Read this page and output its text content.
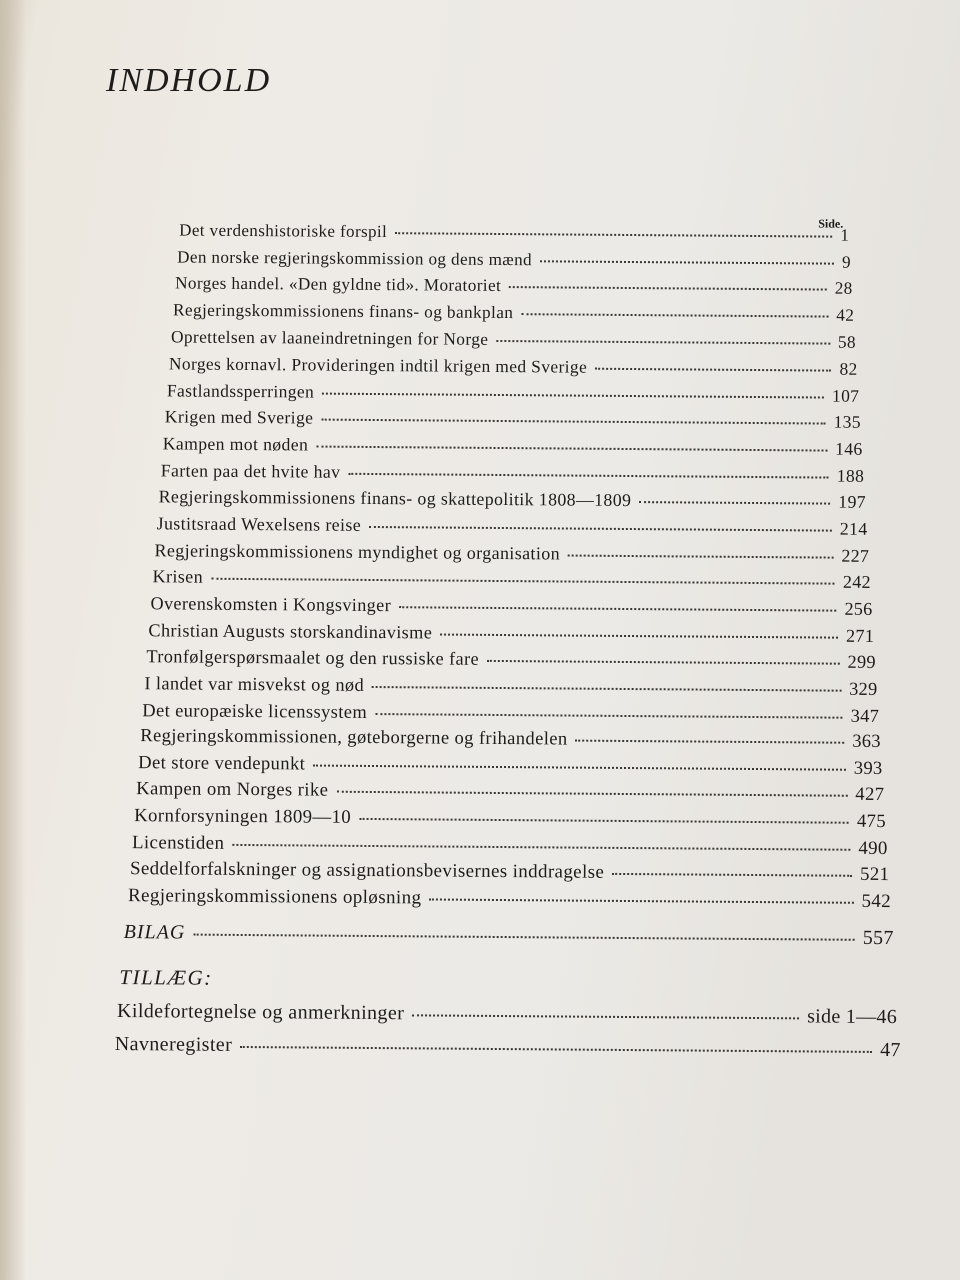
INDHOLD
Side.
Det verdenshistoriske forspil	1
Den norske regjeringskommission og dens mænd	9
Norges handel. «Den gyldne tid». Moratoriet	28
Regjeringskommissionens finans- og bankplan	42
Oprettelsen av laaneindretningen for Norge	58
Norges kornavl. Provideringen indtil krigen med Sverige	82
Fastlandssperringen	107
Krigen med Sverige	135
Kampen mot nøden	146
Farten paa det hvite hav	188
Regjeringskommissionens finans- og skattepolitik 1808—1809	197
Justitsraad Wexelsens reise	214
Regjeringskommissionens myndighet og organisation	227
Krisen	242
Overenskomsten i Kongsvinger	256
Christian Augusts storskandinavisme	271
Tronfølgerspørsmaalet og den russiske fare	299
I landet var misvekst og nød	329
Det europæiske licenssystem	347
Regjeringskommissionen, gøteborgerne og frihandelen	363
Det store vendepunkt	393
Kampen om Norges rike	427
Kornforsyningen 1809—10	475
Licenstiden	490
Seddelforfalskninger og assignationsbevisernes inddragelse	521
Regjeringskommissionens opløsning	542
BILAG	557
TILLÆG:
Kildefortegnelse og anmerkninger	side 1—46
Navneregister	47
